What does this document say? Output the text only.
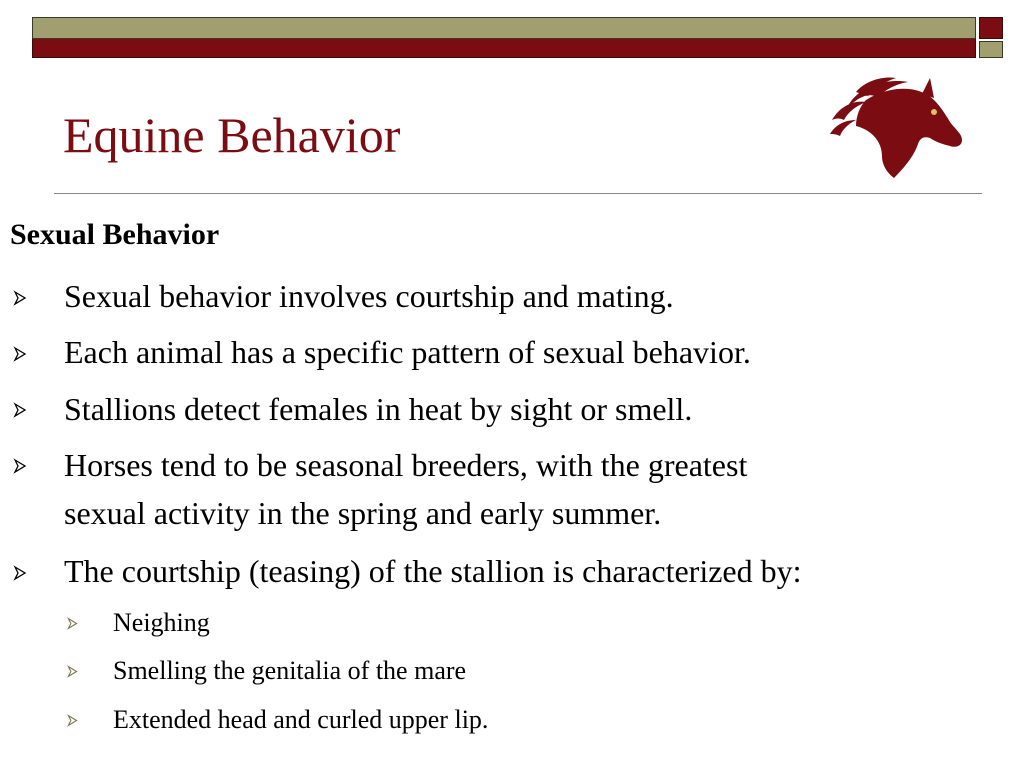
Equine Behavior
Sexual Behavior
Sexual behavior involves courtship and mating.
Each animal has a specific pattern of sexual behavior.
Stallions detect females in heat by sight or smell.
Horses tend to be seasonal breeders, with the greatest
sexual activity in the spring and early summer.
The courtship (teasing) of the stallion is characterized by:
Neighing
Smelling the genitalia of the mare
Extended head and curled upper lip.
